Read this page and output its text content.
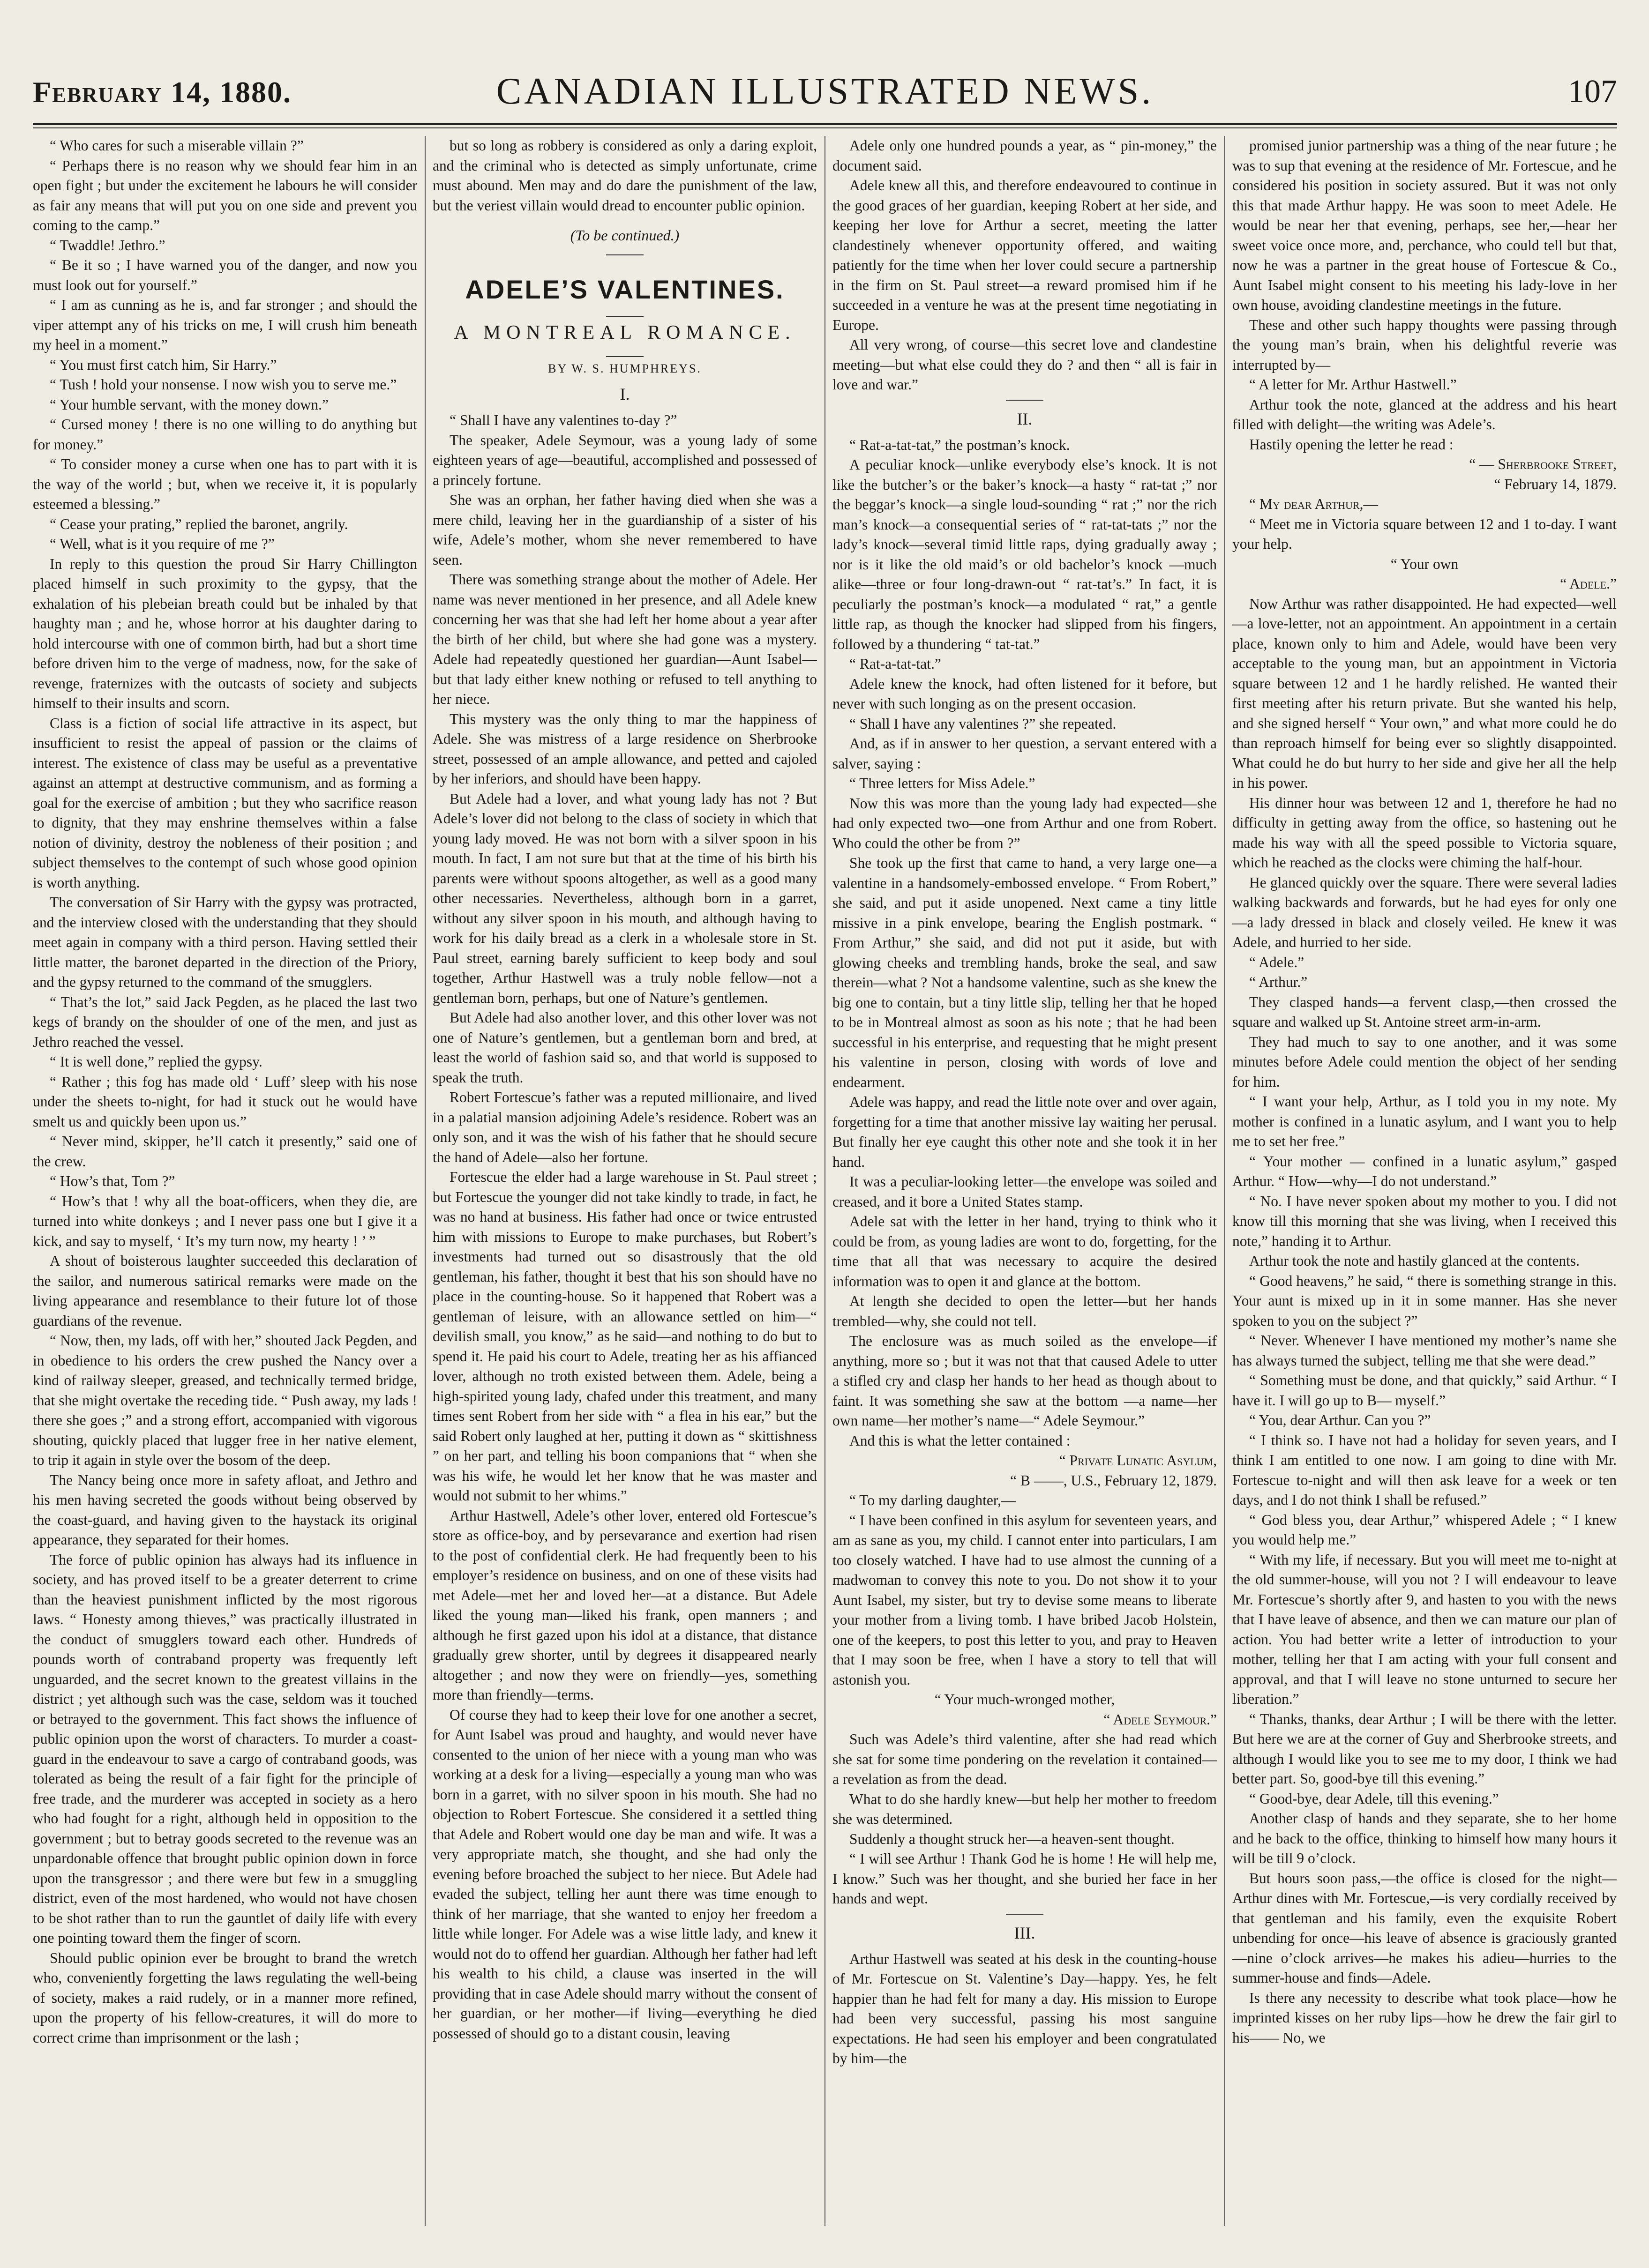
February 14, 1880.	CANADIAN ILLUSTRATED NEWS.	107

“ Who cares for such a miserable villain ?”

“ Perhaps there is no reason why we should fear him in an open fight ; but under the excitement he labours he will consider as fair any means that will put you on one side and prevent you coming to the camp.”

“ Twaddle! Jethro.”

“ Be it so ; I have warned you of the danger, and now you must look out for yourself.”

“ I am as cunning as he is, and far stronger ; and should the viper attempt any of his tricks on me, I will crush him beneath my heel in a moment.”

“ You must first catch him, Sir Harry.”

“ Tush ! hold your nonsense. I now wish you to serve me.”

“ Your humble servant, with the money down.”

“ Cursed money ! there is no one willing to do anything but for money.”

“ To consider money a curse when one has to part with it is the way of the world ; but, when we receive it, it is popularly esteemed a blessing.”

“ Cease your prating,” replied the baronet, angrily.

“ Well, what is it you require of me ?”

In reply to this question the proud Sir Harry Chillington placed himself in such proximity to the gypsy, that the exhalation of his plebeian breath could but be inhaled by that haughty man ; and he, whose horror at his daughter daring to hold intercourse with one of common birth, had but a short time before driven him to the verge of madness, now, for the sake of revenge, fraternizes with the outcasts of society and subjects himself to their insults and scorn.

Class is a fiction of social life attractive in its aspect, but insufficient to resist the appeal of passion or the claims of interest. The existence of class may be useful as a preventative against an attempt at destructive communism, and as forming a goal for the exercise of ambition ; but they who sacrifice reason to dignity, that they may enshrine themselves within a false notion of divinity, destroy the nobleness of their position ; and subject themselves to the contempt of such whose good opinion is worth anything.

The conversation of Sir Harry with the gypsy was protracted, and the interview closed with the understanding that they should meet again in company with a third person. Having settled their little matter, the baronet departed in the direction of the Priory, and the gypsy returned to the command of the smugglers.

“ That’s the lot,” said Jack Pegden, as he placed the last two kegs of brandy on the shoulder of one of the men, and just as Jethro reached the vessel.

“ It is well done,” replied the gypsy.

“ Rather ; this fog has made old ‘ Luff’ sleep with his nose under the sheets to-night, for had it stuck out he would have smelt us and quickly been upon us.”

“ Never mind, skipper, he’ll catch it presently,” said one of the crew.

“ How’s that, Tom ?”

“ How’s that ! why all the boat-officers, when they die, are turned into white donkeys ; and I never pass one but I give it a kick, and say to myself, ‘ It’s my turn now, my hearty ! ’ ”

A shout of boisterous laughter succeeded this declaration of the sailor, and numerous satirical remarks were made on the living appearance and resemblance to their future lot of those guardians of the revenue.

“ Now, then, my lads, off with her,” shouted Jack Pegden, and in obedience to his orders the crew pushed the Nancy over a kind of railway sleeper, greased, and technically termed bridge, that she might overtake the receding tide. “ Push away, my lads ! there she goes ;” and a strong effort, accompanied with vigorous shouting, quickly placed that lugger free in her native element, to trip it again in style over the bosom of the deep.

The Nancy being once more in safety afloat, and Jethro and his men having secreted the goods without being observed by the coast-guard, and having given to the haystack its original appearance, they separated for their homes.

The force of public opinion has always had its influence in society, and has proved itself to be a greater deterrent to crime than the heaviest punishment inflicted by the most rigorous laws. “ Honesty among thieves,” was practically illustrated in the conduct of smugglers toward each other. Hundreds of pounds worth of contraband property was frequently left unguarded, and the secret known to the greatest villains in the district ; yet although such was the case, seldom was it touched or betrayed to the government. This fact shows the influence of public opinion upon the worst of characters. To murder a coast-guard in the endeavour to save a cargo of contraband goods, was tolerated as being the result of a fair fight for the principle of free trade, and the murderer was accepted in society as a hero who had fought for a right, although held in opposition to the government ; but to betray goods secreted to the revenue was an unpardonable offence that brought public opinion down in force upon the transgressor ; and there were but few in a smuggling district, even of the most hardened, who would not have chosen to be shot rather than to run the gauntlet of daily life with every one pointing toward them the finger of scorn.

Should public opinion ever be brought to brand the wretch who, conveniently forgetting the laws regulating the well-being of society, makes a raid rudely, or in a manner more refined, upon the property of his fellow-creatures, it will do more to correct crime than imprisonment or the lash ;

but so long as robbery is considered as only a daring exploit, and the criminal who is detected as simply unfortunate, crime must abound. Men may and do dare the punishment of the law, but the veriest villain would dread to encounter public opinion.

(To be continued.)
ADELE’S VALENTINES.
A MONTREAL ROMANCE.
BY W. S. HUMPHREYS.
I.

“ Shall I have any valentines to-day ?”

The speaker, Adele Seymour, was a young lady of some eighteen years of age—beautiful, accomplished and possessed of a princely fortune.

She was an orphan, her father having died when she was a mere child, leaving her in the guardianship of a sister of his wife, Adele’s mother, whom she never remembered to have seen.

There was something strange about the mother of Adele. Her name was never mentioned in her presence, and all Adele knew concerning her was that she had left her home about a year after the birth of her child, but where she had gone was a mystery. Adele had repeatedly questioned her guardian—Aunt Isabel—but that lady either knew nothing or refused to tell anything to her niece.

This mystery was the only thing to mar the happiness of Adele. She was mistress of a large residence on Sherbrooke street, possessed of an ample allowance, and petted and cajoled by her inferiors, and should have been happy.

But Adele had a lover, and what young lady has not ? But Adele’s lover did not belong to the class of society in which that young lady moved. He was not born with a silver spoon in his mouth. In fact, I am not sure but that at the time of his birth his parents were without spoons altogether, as well as a good many other necessaries. Nevertheless, although born in a garret, without any silver spoon in his mouth, and although having to work for his daily bread as a clerk in a wholesale store in St. Paul street, earning barely sufficient to keep body and soul together, Arthur Hastwell was a truly noble fellow—not a gentleman born, perhaps, but one of Nature’s gentlemen.

But Adele had also another lover, and this other lover was not one of Nature’s gentlemen, but a gentleman born and bred, at least the world of fashion said so, and that world is supposed to speak the truth.

Robert Fortescue’s father was a reputed millionaire, and lived in a palatial mansion adjoining Adele’s residence. Robert was an only son, and it was the wish of his father that he should secure the hand of Adele—also her fortune.

Fortescue the elder had a large warehouse in St. Paul street ; but Fortescue the younger did not take kindly to trade, in fact, he was no hand at business. His father had once or twice entrusted him with missions to Europe to make purchases, but Robert’s investments had turned out so disastrously that the old gentleman, his father, thought it best that his son should have no place in the counting-house. So it happened that Robert was a gentleman of leisure, with an allowance settled on him—“ devilish small, you know,” as he said—and nothing to do but to spend it. He paid his court to Adele, treating her as his affianced lover, although no troth existed between them. Adele, being a high-spirited young lady, chafed under this treatment, and many times sent Robert from her side with “ a flea in his ear,” but the said Robert only laughed at her, putting it down as “ skittishness ” on her part, and telling his boon companions that “ when she was his wife, he would let her know that he was master and would not submit to her whims.”

Arthur Hastwell, Adele’s other lover, entered old Fortescue’s store as office-boy, and by persevarance and exertion had risen to the post of confidential clerk. He had frequently been to his employer’s residence on business, and on one of these visits had met Adele—met her and loved her—at a distance. But Adele liked the young man—liked his frank, open manners ; and although he first gazed upon his idol at a distance, that distance gradually grew shorter, until by degrees it disappeared nearly altogether ; and now they were on friendly—yes, something more than friendly—terms.

Of course they had to keep their love for one another a secret, for Aunt Isabel was proud and haughty, and would never have consented to the union of her niece with a young man who was working at a desk for a living—especially a young man who was born in a garret, with no silver spoon in his mouth. She had no objection to Robert Fortescue. She considered it a settled thing that Adele and Robert would one day be man and wife. It was a very appropriate match, she thought, and she had only the evening before broached the subject to her niece. But Adele had evaded the subject, telling her aunt there was time enough to think of her marriage, that she wanted to enjoy her freedom a little while longer. For Adele was a wise little lady, and knew it would not do to offend her guardian. Although her father had left his wealth to his child, a clause was inserted in the will providing that in case Adele should marry without the consent of her guardian, or her mother—if living—everything he died possessed of should go to a distant cousin, leaving

Adele only one hundred pounds a year, as “ pin-money,” the document said.

Adele knew all this, and therefore endeavoured to continue in the good graces of her guardian, keeping Robert at her side, and keeping her love for Arthur a secret, meeting the latter clandestinely whenever opportunity offered, and waiting patiently for the time when her lover could secure a partnership in the firm on St. Paul street—a reward promised him if he succeeded in a venture he was at the present time negotiating in Europe.

All very wrong, of course—this secret love and clandestine meeting—but what else could they do ? and then “ all is fair in love and war.”

II.

“ Rat-a-tat-tat,” the postman’s knock.

A peculiar knock—unlike everybody else’s knock. It is not like the butcher’s or the baker’s knock—a hasty “ rat-tat ;” nor the beggar’s knock—a single loud-sounding “ rat ;” nor the rich man’s knock—a consequential series of “ rat-tat-tats ;” nor the lady’s knock—several timid little raps, dying gradually away ; nor is it like the old maid’s or old bachelor’s knock —much alike—three or four long-drawn-out “ rat-tat’s.” In fact, it is peculiarly the postman’s knock—a modulated “ rat,” a gentle little rap, as though the knocker had slipped from his fingers, followed by a thundering “ tat-tat.”

“ Rat-a-tat-tat.”

Adele knew the knock, had often listened for it before, but never with such longing as on the present occasion.

“ Shall I have any valentines ?” she repeated.

And, as if in answer to her question, a servant entered with a salver, saying :

“ Three letters for Miss Adele.”

Now this was more than the young lady had expected—she had only expected two—one from Arthur and one from Robert. Who could the other be from ?”

She took up the first that came to hand, a very large one—a valentine in a handsomely-embossed envelope. “ From Robert,” she said, and put it aside unopened. Next came a tiny little missive in a pink envelope, bearing the English postmark. “ From Arthur,” she said, and did not put it aside, but with glowing cheeks and trembling hands, broke the seal, and saw therein—what ? Not a handsome valentine, such as she knew the big one to contain, but a tiny little slip, telling her that he hoped to be in Montreal almost as soon as his note ; that he had been successful in his enterprise, and requesting that he might present his valentine in person, closing with words of love and endearment.

Adele was happy, and read the little note over and over again, forgetting for a time that another missive lay waiting her perusal. But finally her eye caught this other note and she took it in her hand.

It was a peculiar-looking letter—the envelope was soiled and creased, and it bore a United States stamp.

Adele sat with the letter in her hand, trying to think who it could be from, as young ladies are wont to do, forgetting, for the time that all that was necessary to acquire the desired information was to open it and glance at the bottom.

At length she decided to open the letter—but her hands trembled—why, she could not tell.

The enclosure was as much soiled as the envelope—if anything, more so ; but it was not that that caused Adele to utter a stifled cry and clasp her hands to her head as though about to faint. It was something she saw at the bottom —a name—her own name—her mother’s name—“ Adele Seymour.”

And this is what the letter contained :

“ Private Lunatic Asylum,

“ B ——, U.S., February 12, 1879.

“ To my darling daughter,—

“ I have been confined in this asylum for seventeen years, and am as sane as you, my child. I cannot enter into particulars, I am too closely watched. I have had to use almost the cunning of a madwoman to convey this note to you. Do not show it to your Aunt Isabel, my sister, but try to devise some means to liberate your mother from a living tomb. I have bribed Jacob Holstein, one of the keepers, to post this letter to you, and pray to Heaven that I may soon be free, when I have a story to tell that will astonish you.

“ Your much-wronged mother,

“ Adele Seymour.”

Such was Adele’s third valentine, after she had read which she sat for some time pondering on the revelation it contained—a revelation as from the dead.

What to do she hardly knew—but help her mother to freedom she was determined.

Suddenly a thought struck her—a heaven-sent thought.

“ I will see Arthur ! Thank God he is home ! He will help me, I know.” Such was her thought, and she buried her face in her hands and wept.

III.

Arthur Hastwell was seated at his desk in the counting-house of Mr. Fortescue on St. Valentine’s Day—happy. Yes, he felt happier than he had felt for many a day. His mission to Europe had been very successful, passing his most sanguine expectations. He had seen his employer and been congratulated by him—the

promised junior partnership was a thing of the near future ; he was to sup that evening at the residence of Mr. Fortescue, and he considered his position in society assured. But it was not only this that made Arthur happy. He was soon to meet Adele. He would be near her that evening, perhaps, see her,—hear her sweet voice once more, and, perchance, who could tell but that, now he was a partner in the great house of Fortescue & Co., Aunt Isabel might consent to his meeting his lady-love in her own house, avoiding clandestine meetings in the future.

These and other such happy thoughts were passing through the young man’s brain, when his delightful reverie was interrupted by—

“ A letter for Mr. Arthur Hastwell.”

Arthur took the note, glanced at the address and his heart filled with delight—the writing was Adele’s.

Hastily opening the letter he read :

“ — Sherbrooke Street,

“ February 14, 1879.

“ My dear Arthur,—

“ Meet me in Victoria square between 12 and 1 to-day. I want your help.

“ Your own

“ Adele.”

Now Arthur was rather disappointed. He had expected—well—a love-letter, not an appointment. An appointment in a certain place, known only to him and Adele, would have been very acceptable to the young man, but an appointment in Victoria square between 12 and 1 he hardly relished. He wanted their first meeting after his return private. But she wanted his help, and she signed herself “ Your own,” and what more could he do than reproach himself for being ever so slightly disappointed. What could he do but hurry to her side and give her all the help in his power.

His dinner hour was between 12 and 1, therefore he had no difficulty in getting away from the office, so hastening out he made his way with all the speed possible to Victoria square, which he reached as the clocks were chiming the half-hour.

He glanced quickly over the square. There were several ladies walking backwards and forwards, but he had eyes for only one—a lady dressed in black and closely veiled. He knew it was Adele, and hurried to her side.

“ Adele.”

“ Arthur.”

They clasped hands—a fervent clasp,—then crossed the square and walked up St. Antoine street arm-in-arm.

They had much to say to one another, and it was some minutes before Adele could mention the object of her sending for him.

“ I want your help, Arthur, as I told you in my note. My mother is confined in a lunatic asylum, and I want you to help me to set her free.”

“ Your mother — confined in a lunatic asylum,” gasped Arthur. “ How—why—I do not understand.”

“ No. I have never spoken about my mother to you. I did not know till this morning that she was living, when I received this note,” handing it to Arthur.

Arthur took the note and hastily glanced at the contents.

“ Good heavens,” he said, “ there is something strange in this. Your aunt is mixed up in it in some manner. Has she never spoken to you on the subject ?”

“ Never. Whenever I have mentioned my mother’s name she has always turned the subject, telling me that she were dead.”

“ Something must be done, and that quickly,” said Arthur. “ I have it. I will go up to B— myself.”

“ You, dear Arthur. Can you ?”

“ I think so. I have not had a holiday for seven years, and I think I am entitled to one now. I am going to dine with Mr. Fortescue to-night and will then ask leave for a week or ten days, and I do not think I shall be refused.”

“ God bless you, dear Arthur,” whispered Adele ; “ I knew you would help me.”

“ With my life, if necessary. But you will meet me to-night at the old summer-house, will you not ? I will endeavour to leave Mr. Fortescue’s shortly after 9, and hasten to you with the news that I have leave of absence, and then we can mature our plan of action. You had better write a letter of introduction to your mother, telling her that I am acting with your full consent and approval, and that I will leave no stone unturned to secure her liberation.”

“ Thanks, thanks, dear Arthur ; I will be there with the letter. But here we are at the corner of Guy and Sherbrooke streets, and although I would like you to see me to my door, I think we had better part. So, good-bye till this evening.”

“ Good-bye, dear Adele, till this evening.”

Another clasp of hands and they separate, she to her home and he back to the office, thinking to himself how many hours it will be till 9 o’clock.

But hours soon pass,—the office is closed for the night—Arthur dines with Mr. Fortescue,—is very cordially received by that gentleman and his family, even the exquisite Robert unbending for once—his leave of absence is graciously granted—nine o’clock arrives—he makes his adieu—hurries to the summer-house and finds—Adele.

Is there any necessity to describe what took place—how he imprinted kisses on her ruby lips—how he drew the fair girl to his—— No, we
